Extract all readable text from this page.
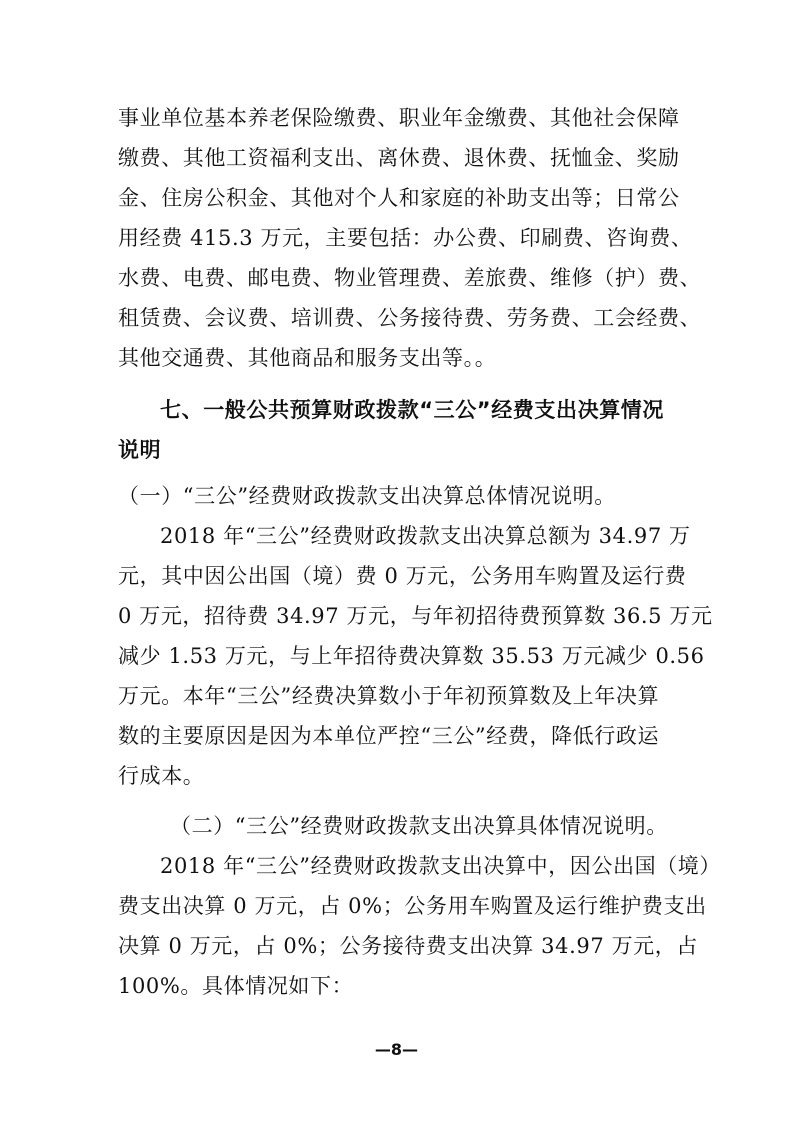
事业单位基本养老保险缴费、职业年金缴费、其他社会保障
缴费、其他工资福利支出、离休费、退休费、抚恤金、奖励
金、住房公积金、其他对个人和家庭的补助支出等；日常公
用经费 415.3 万元，主要包括：办公费、印刷费、咨询费、
水费、电费、邮电费、物业管理费、差旅费、维修（护）费、
租赁费、会议费、培训费、公务接待费、劳务费、工会经费、
其他交通费、其他商品和服务支出等。。
七、一般公共预算财政拨款“三公”经费支出决算情况
说明
（一）“三公”经费财政拨款支出决算总体情况说明。
2018 年“三公”经费财政拨款支出决算总额为 34.97 万
元，其中因公出国（境）费 0 万元，公务用车购置及运行费
0 万元，招待费 34.97 万元，与年初招待费预算数 36.5 万元
减少 1.53 万元，与上年招待费决算数 35.53 万元减少 0.56
万元。本年“三公”经费决算数小于年初预算数及上年决算
数的主要原因是因为本单位严控“三公”经费，降低行政运
行成本。
（二）“三公”经费财政拨款支出决算具体情况说明。
2018 年“三公”经费财政拨款支出决算中，因公出国（境）
费支出决算 0 万元，占 0%；公务用车购置及运行维护费支出
决算 0 万元，占 0%；公务接待费支出决算 34.97 万元，占
100%。具体情况如下：
—8—
